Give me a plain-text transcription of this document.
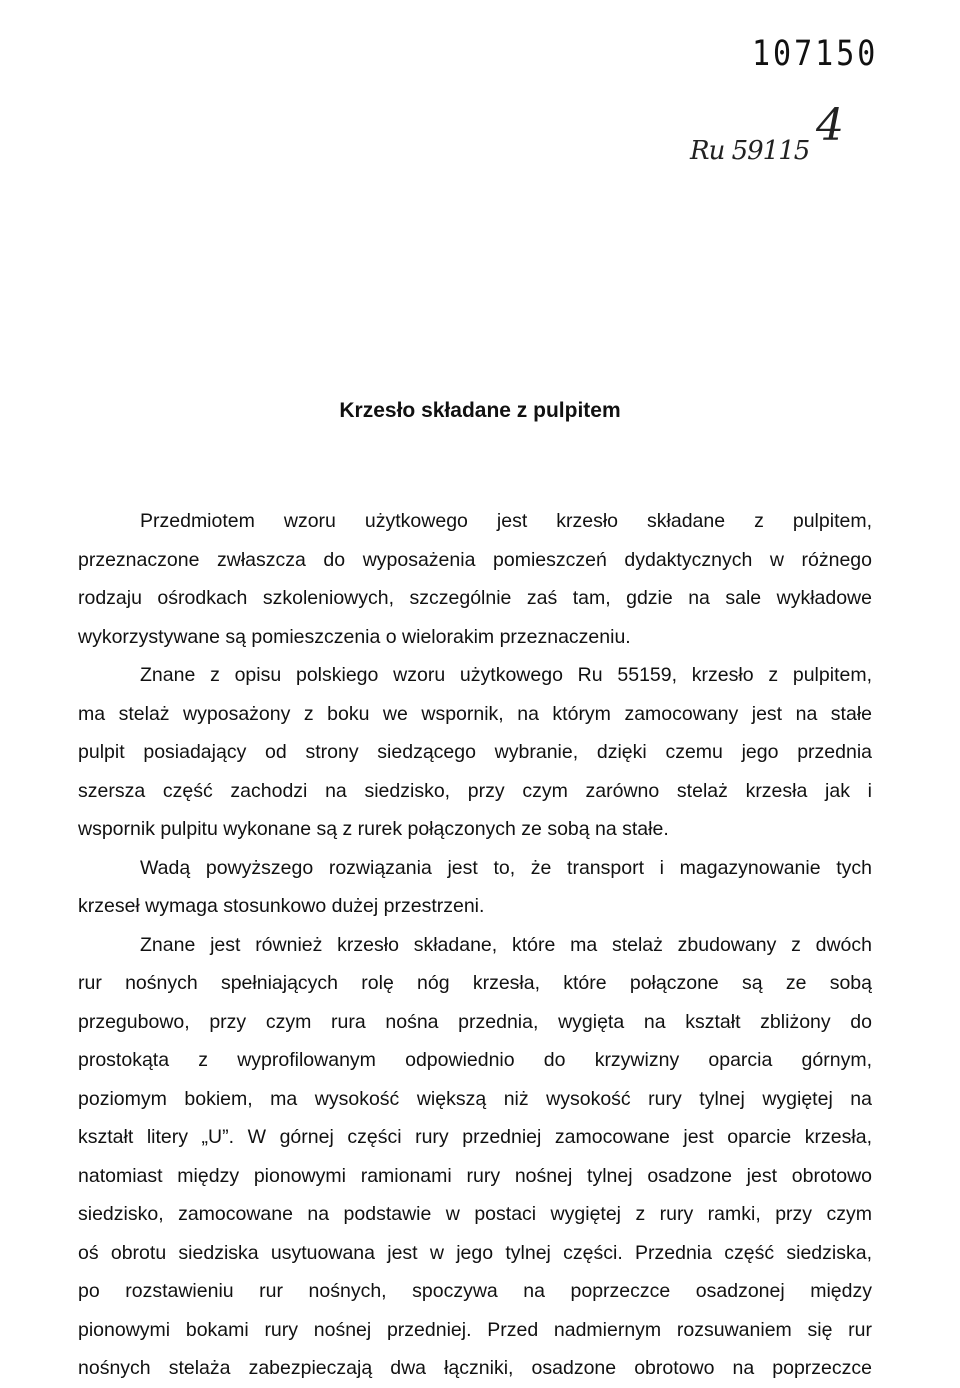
107150
4
Ru 59115
Krzesło składane z pulpitem
Przedmiotem wzoru użytkowego jest krzesło składane z pulpitem,
przeznaczone zwłaszcza do wyposażenia pomieszczeń dydaktycznych w różnego
rodzaju ośrodkach szkoleniowych, szczególnie zaś tam, gdzie na sale wykładowe
wykorzystywane są pomieszczenia o wielorakim przeznaczeniu.
Znane z opisu polskiego wzoru użytkowego Ru 55159, krzesło z pulpitem,
ma stelaż wyposażony z boku we wspornik, na którym zamocowany jest na stałe
pulpit posiadający od strony siedzącego wybranie, dzięki czemu jego przednia
szersza część zachodzi na siedzisko, przy czym zarówno stelaż krzesła jak i
wspornik pulpitu wykonane są z rurek połączonych ze sobą na stałe.
Wadą powyższego rozwiązania jest to, że transport i magazynowanie tych
krzeseł wymaga stosunkowo dużej przestrzeni.
Znane jest również krzesło składane, które ma stelaż zbudowany z dwóch
rur nośnych spełniających rolę nóg krzesła, które połączone są ze sobą
przegubowo, przy czym rura nośna przednia, wygięta na kształt zbliżony do
prostokąta z wyprofilowanym odpowiednio do krzywizny oparcia górnym,
poziomym bokiem, ma wysokość większą niż wysokość rury tylnej wygiętej na
kształt litery „U”. W górnej części rury przedniej zamocowane jest oparcie krzesła,
natomiast między pionowymi ramionami rury nośnej tylnej osadzone jest obrotowo
siedzisko, zamocowane na podstawie w postaci wygiętej z rury ramki, przy czym
oś obrotu siedziska usytuowana jest w jego tylnej części. Przednia część siedziska,
po rozstawieniu rur nośnych, spoczywa na poprzeczce osadzonej między
pionowymi bokami rury nośnej przedniej. Przed nadmiernym rozsuwaniem się rur
nośnych stelaża zabezpieczają dwa łączniki, osadzone obrotowo na poprzeczce
